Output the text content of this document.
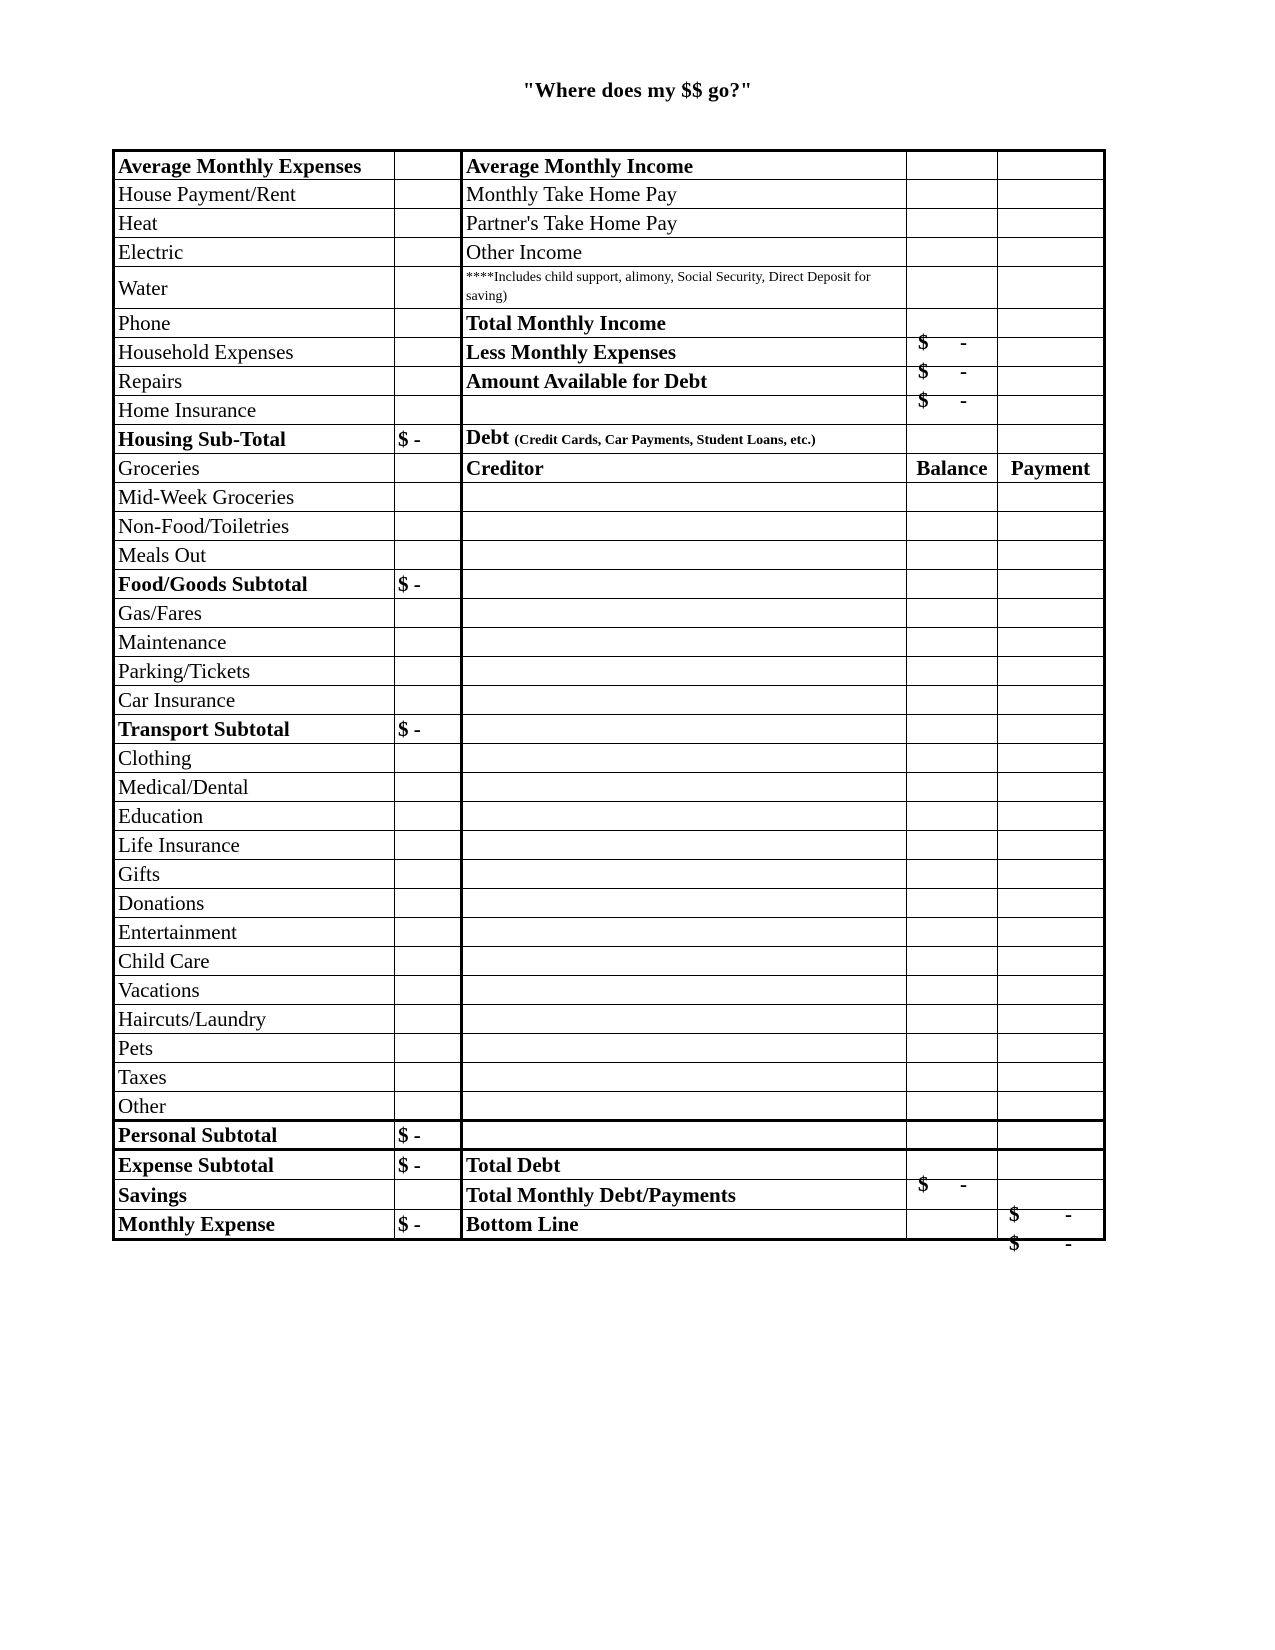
"Where does my $$ go?"
Average Monthly Expenses		Average Monthly Income		
House Payment/Rent		Monthly Take Home Pay		
Heat		Partner's Take Home Pay		
Electric		Other Income		
Water		****Includes child support, alimony, Social Security, Direct Deposit for saving)		
Phone		Total Monthly Income	$ -	

Household Expenses		Less Monthly Expenses	$ -	

Repairs		Amount Available for Debt	$ -	

Home Insurance				
Housing Sub-Total	$ -	Debt (Credit Cards, Car Payments, Student Loans, etc.)		
Groceries		Creditor	Balance	Payment
Mid-Week Groceries				
Non-Food/Toiletries				
Meals Out				
Food/Goods Subtotal	$ -			
Gas/Fares				
Maintenance				
Parking/Tickets				
Car Insurance				
Transport Subtotal	$ -			
Clothing				
Medical/Dental				
Education				
Life Insurance				
Gifts				
Donations				
Entertainment				
Child Care				
Vacations				
Haircuts/Laundry				
Pets				
Taxes				
Other				
Personal Subtotal	$ -			
Expense Subtotal	$ -	Total Debt	$ -	

Savings		Total Monthly Debt/Payments		$ -

Monthly Expense	$ -	Bottom Line		$ -
